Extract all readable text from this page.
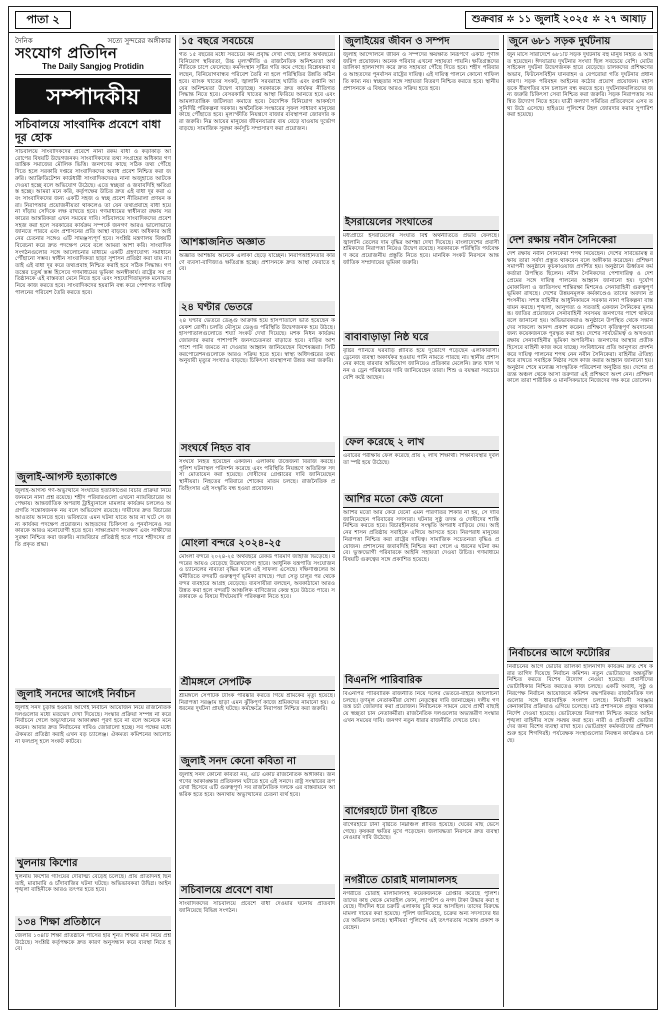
পাতা ২	শুক্রবার ✲ ১১ জুলাই ২০২৫ ✲ ২৭ আষাঢ়
দৈনিক	সত্যে সুন্দরের অঙ্গীকার
সংযোগ প্রতিদিন
The Daily Sangjog Protidin
সম্পাদকীয়
সচিবালয়ে সাংবাদিক প্রবেশে বাধা দূর হোক
সচিবালয়ে সাংবাদিকদের প্রবেশে নানা রকম বাধা ও কড়াকড়ি আরোপের বিষয়টি উদ্বেগজনক। সাংবাদিকদের তথ্য সংগ্রহের অধিকার গণতান্ত্রিক সমাজের মৌলিক ভিত্তি। জনগণের কাছে সঠিক তথ্য পৌঁছে দিতে হলে সরকারি দপ্তরে সাংবাদিকদের অবাধ প্রবেশ নিশ্চিত করা জরুরি। অ্যাক্রিডিটেশন কার্ডধারী সাংবাদিকদেরও নানা অজুহাতে আটকে দেওয়া হচ্ছে বলে অভিযোগ উঠেছে। এতে স্বচ্ছতা ও জবাবদিহি ক্ষতিগ্রস্ত হচ্ছে। আমরা মনে করি, কর্তৃপক্ষের উচিত দ্রুত এই বাধা দূর করা এবং সাংবাদিকদের জন্য একটি সহজ ও স্বচ্ছ প্রবেশ নীতিমালা প্রণয়ন করা। নিরাপত্তার প্রয়োজনীয়তা থাকলেও তা যেন তথ্যপ্রবাহে বাধা হয়ে না দাঁড়ায় সেদিকে লক্ষ রাখতে হবে। গণমাধ্যমের স্বাধীনতা রক্ষায় সরকারের আন্তরিকতা এখন সময়ের দাবি। সচিবালয়ে সাংবাদিকদের প্রবেশ সহজ করা হলে সরকারের কার্যক্রম সম্পর্কে জনগণ আরও ভালোভাবে জানতে পারবে এবং প্রশাসনের প্রতি আস্থা বাড়বে। তথ্য অধিকার আইনের চেতনার সঙ্গেও এটি সামঞ্জস্যপূর্ণ হবে। সংশ্লিষ্ট মন্ত্রণালয় বিষয়টি বিবেচনা করে দ্রুত পদক্ষেপ নেবে বলে আমরা আশা করি। সাংবাদিক সংগঠনগুলোর সঙ্গে আলোচনার মাধ্যমে একটি গ্রহণযোগ্য সমাধানে পৌঁছানো সম্ভব। স্বাধীন সাংবাদিকতা ছাড়া সুশাসন প্রতিষ্ঠা করা যায় না। তাই এই বাধা দূর করে তথ্যপ্রবাহ নিশ্চিত করাই হবে সঠিক সিদ্ধান্ত। গণতন্ত্রের চতুর্থ স্তম্ভ হিসেবে গণমাধ্যমের ভূমিকা অনস্বীকার্য। রাষ্ট্রের সব প্রতিষ্ঠানকে এই বাস্তবতা মেনে নিতে হবে এবং সহযোগিতামূলক মনোভাব নিয়ে কাজ করতে হবে। সাংবাদিকদের হয়রানি বন্ধ করে পেশাগত দায়িত্ব পালনের পরিবেশ তৈরি করতে হবে।
জুলাই-আগস্ট হত্যাকাণ্ডে
জুলাই-আগস্ট গণ-অভ্যুত্থানে সংঘটিত হত্যাকাণ্ডের বিচার প্রক্রিয়া নিয়ে জনমনে নানা প্রশ্ন রয়েছে। শহীদ পরিবারগুলো এখনো ন্যায়বিচারের অপেক্ষায়। আন্তর্জাতিক অপরাধ ট্রাইব্যুনালে মামলার কার্যক্রম চললেও অগ্রগতি সন্তোষজনক নয় বলে অভিযোগ রয়েছে। দায়ীদের দ্রুত বিচারের আওতায় আনতে হবে। ভবিষ্যতে এমন ঘটনা যাতে আর না ঘটে সে জন্য কার্যকর পদক্ষেপ প্রয়োজন। আহতদের চিকিৎসা ও পুনর্বাসনেও সরকারকে আরও মনোযোগী হতে হবে। সাক্ষ্যপ্রমাণ সংরক্ষণ এবং সাক্ষীদের সুরক্ষা নিশ্চিত করা জরুরি। ন্যায়বিচার প্রতিষ্ঠাই হতে পারে শহীদদের প্রতি প্রকৃত শ্রদ্ধা।
জুলাই সনদের আগেই নির্বাচন
জুলাই সনদ চূড়ান্ত হওয়ার আগেই নির্বাচন আয়োজন নিয়ে রাজনৈতিক দলগুলোর মধ্যে মতভেদ দেখা দিয়েছে। সংস্কার প্রক্রিয়া সম্পন্ন না করে নির্বাচনে গেলে অভ্যুত্থানের আকাঙ্ক্ষা পূরণ হবে না বলে অনেকে মনে করেন। আবার দ্রুত নির্বাচনের দাবিও জোরালো হচ্ছে। সব পক্ষের মধ্যে ঐকমত্য প্রতিষ্ঠা করাই এখন বড় চ্যালেঞ্জ। ঐকমত্য কমিশনের আলোচনা ফলপ্রসূ হলে সংকট কাটবে।
খুলনায় কিশোর
খুলনায় কিশোর গ্যাংয়ের দৌরাত্ম্য বেড়েই চলেছে। প্রায় প্রতিদিনই ছিনতাই, মারামারি ও চাঁদাবাজির ঘটনা ঘটছে। অভিভাবকরা উদ্বিগ্ন। আইনশৃঙ্খলা বাহিনীকে আরও তৎপর হতে হবে।
১৩৪ শিক্ষা প্রতিষ্ঠানে
জেলার ১৩৪টি শিক্ষা প্রতিষ্ঠানে পাসের হার শূন্য। শিক্ষার মান নিয়ে প্রশ্ন উঠেছে। সংশ্লিষ্ট কর্তৃপক্ষকে দ্রুত কারণ অনুসন্ধান করে ব্যবস্থা নিতে হবে।
১৫ বছরে সবচেয়ে
গত ১৫ বছরের মধ্যে সবচেয়ে কম প্রবৃদ্ধি দেখা গেছে চলতি অর্থবছরে। বিনিয়োগ স্থবিরতা, উচ্চ মূল্যস্ফীতি ও রাজনৈতিক অনিশ্চয়তা অর্থনীতিকে চাপে ফেলেছে। কর্মসংস্থান সৃষ্টির গতি কমে গেছে। বিশ্লেষকরা বলছেন, বিনিয়োগবান্ধব পরিবেশ তৈরি না হলে পরিস্থিতির উন্নতি কঠিন হবে। ব্যাংক খাতের সংকট, জ্বালানি সরবরাহে ঘাটতি এবং রপ্তানি আয়ের অনিশ্চয়তা উদ্বেগ বাড়াচ্ছে। সরকারকে দ্রুত কার্যকর নীতিগত সিদ্ধান্ত নিতে হবে। বেসরকারি খাতের আস্থা ফিরিয়ে আনতে হবে এবং আমলাতান্ত্রিক জটিলতা কমাতে হবে। বৈদেশিক বিনিয়োগ আকর্ষণে সুনির্দিষ্ট পরিকল্পনা দরকার। অর্থনৈতিক সংস্কারের সুফল সাধারণ মানুষের কাছে পৌঁছাতে হবে। মূল্যস্ফীতি নিয়ন্ত্রণে বাজার ব্যবস্থাপনা জোরদার করা জরুরি। নিম্ন আয়ের মানুষের জীবনযাত্রার ব্যয় বেড়ে যাওয়ায় দুর্ভোগ বাড়ছে। সামাজিক সুরক্ষা কর্মসূচি সম্প্রসারণ করা প্রয়োজন।
আশঙ্কাজনিত অজ্ঞাত
অজ্ঞাত আশঙ্কায় অনেকে এলাকা ছেড়ে যাচ্ছেন। নিরাপত্তাহীনতার কারণে ব্যবসা-বাণিজ্যও ক্ষতিগ্রস্ত হচ্ছে। প্রশাসনকে দ্রুত আস্থা ফেরাতে হবে।
২৪ ঘণ্টার ভেতরে
২৪ ঘণ্টার ভেতরে ডেঙ্গু আক্রান্ত হয়ে হাসপাতালে ভর্তি হয়েছেন কয়েকশ রোগী। চলতি মৌসুমে ডেঙ্গু পরিস্থিতি উদ্বেগজনক হয়ে উঠছে। হাসপাতালগুলোতে শয্যা সংকট দেখা দিয়েছে। মশক নিধন কার্যক্রম জোরদার করার পাশাপাশি জনসচেতনতা বাড়াতে হবে। বাড়ির আশপাশে পানি জমতে না দেওয়ার আহ্বান জানিয়েছেন বিশেষজ্ঞরা। সিটি করপোরেশনগুলোকে আরও সক্রিয় হতে হবে। স্বাস্থ্য অধিদপ্তরের তথ্য অনুযায়ী মৃত্যুর সংখ্যাও বাড়ছে। চিকিৎসা ব্যবস্থাপনা উন্নত করা জরুরি।
সংঘর্ষে নিহত বাব
সংঘর্ষে নিহত হয়েছেন একজন। এলাকায় উত্তেজনা বিরাজ করছে। পুলিশ ঘটনাস্থল পরিদর্শন করেছে এবং পরিস্থিতি নিয়ন্ত্রণে অতিরিক্ত সদস্য মোতায়েন করা হয়েছে। দোষীদের গ্রেপ্তারের দাবি জানিয়েছেন স্থানীয়রা। নিহতের পরিবারে শোকের মাতম চলছে। রাজনৈতিক প্রতিহিংসার এই সংস্কৃতি বন্ধ হওয়া প্রয়োজন।
মোংলা বন্দরে ২০২৪-২৫
মোংলা বন্দরে ২০২৪-২৫ অর্থবছরে রেকর্ড পরিমাণ জাহাজ ভিড়েছে। বন্দরের আয়ও বেড়েছে উল্লেখযোগ্য হারে। আধুনিক যন্ত্রপাতি সংযোজন ও চ্যানেলের নাব্যতা বৃদ্ধির ফলে এই সাফল্য এসেছে। দক্ষিণাঞ্চলের অর্থনীতিতে বন্দরটি গুরুত্বপূর্ণ ভূমিকা রাখছে। পদ্মা সেতু চালুর পর থেকে বন্দর ব্যবহারে আগ্রহ বেড়েছে। ব্যবসায়ীরা বলছেন, অবকাঠামো আরও উন্নত করা হলে বন্দরটি আঞ্চলিক বাণিজ্যের কেন্দ্র হয়ে উঠতে পারে। সরকারকে এ বিষয়ে দীর্ঘমেয়াদি পরিকল্পনা নিতে হবে।
শ্রীমঙ্গলে সেপটিক
শ্রীমঙ্গলে সেপটিক ট্যাংক পরিষ্কার করতে গিয়ে শ্রমিকের মৃত্যু হয়েছে। নিরাপত্তা সরঞ্জাম ছাড়া এমন ঝুঁকিপূর্ণ কাজে শ্রমিকদের নামানো হয়। এ ধরনের দুর্ঘটনা প্রায়ই ঘটছে। কর্মক্ষেত্রে নিরাপত্তা নিশ্চিত করা জরুরি।
জুলাই সনদ কেনো কবিতা না
জুলাই সনদ কোনো কবিতা নয়, এটি একটি রাজনৈতিক অঙ্গীকার। জনগণের আকাঙ্ক্ষার প্রতিফলন ঘটাতে হবে এই সনদে। রাষ্ট্র সংস্কারের রূপরেখা হিসেবে এটি গুরুত্বপূর্ণ। সব রাজনৈতিক দলকে এর বাস্তবায়নে আন্তরিক হতে হবে। অন্যথায় অভ্যুত্থানের চেতনা ব্যর্থ হবে।
সচিবালয়ে প্রবেশে বাধা
সাংবাদিকদের সচিবালয়ে প্রবেশে বাধা দেওয়ার ঘটনায় প্রতিবাদ জানিয়েছে বিভিন্ন সংগঠন।
জুলাইয়ের জীবন ও সম্পদ
জুলাই আন্দোলনে জীবন ও সম্পদের ক্ষয়ক্ষতি নিরূপণে একটি পূর্ণাঙ্গ জরিপ প্রয়োজন। অনেক পরিবার এখনো সহায়তা পায়নি। ক্ষতিগ্রস্তদের তালিকা হালনাগাদ করে দ্রুত সহায়তা পৌঁছে দিতে হবে। শহীদ পরিবার ও আহতদের পুনর্বাসন রাষ্ট্রের দায়িত্ব। এই দায়িত্ব পালনে কোনো গাফিলতি কাম্য নয়। স্বচ্ছতার সঙ্গে সহায়তা বিতরণ নিশ্চিত করতে হবে। স্থানীয় প্রশাসনকে এ বিষয়ে আরও সক্রিয় হতে হবে।
ইসরায়েলের সংঘাতের
মধ্যপ্রাচ্যে ইসরায়েলের সংঘাত বিশ্ব অর্থনীতিতে প্রভাব ফেলছে। জ্বালানি তেলের দাম বৃদ্ধির আশঙ্কা দেখা দিয়েছে। বাংলাদেশের প্রবাসী শ্রমিকদের নিরাপত্তা নিয়েও উদ্বেগ রয়েছে। সরকারকে পরিস্থিতি পর্যবেক্ষণ করে প্রয়োজনীয় প্রস্তুতি নিতে হবে। মানবিক সংকট নিরসনে আন্তর্জাতিক সম্প্রদায়ের ভূমিকা জরুরি।
বাবাবাড়াড়া নিষ্ঠ ঘরে
বৃষ্টির পানিতে ঘরবাড়ি প্লাবিত হয়ে দুর্ভোগে পড়েছেন এলাকাবাসী। ড্রেনেজ ব্যবস্থা অকার্যকর হওয়ায় পানি নামতে পারছে না। স্থানীয় প্রশাসনের কাছে বারবার অভিযোগ জানিয়েও প্রতিকার মেলেনি। দ্রুত খাল খনন ও ড্রেন পরিষ্কারের দাবি জানিয়েছেন তারা। শিশু ও বয়স্করা সবচেয়ে বেশি কষ্টে আছেন।
ফেল করেছে ২ লাখ
এবারের পরীক্ষায় ফেল করেছে প্রায় ২ লাখ শিক্ষার্থী। শিক্ষাব্যবস্থার দুর্বলতা স্পষ্ট হয়ে উঠেছে।
আশির মতো কেউ যেনো
আশির মতো আর কেউ যেনো এমন পরিণতির শিকার না হয়, সে দাবি জানিয়েছেন পরিবারের সদস্যরা। ঘটনার সুষ্ঠু তদন্ত ও দোষীদের শাস্তি নিশ্চিত করতে হবে। বিচারহীনতার সংস্কৃতি অপরাধ বাড়িয়ে দেয়। আইনের শাসন প্রতিষ্ঠায় সবাইকে এগিয়ে আসতে হবে। নিরপরাধ মানুষের নিরাপত্তা নিশ্চিত করা রাষ্ট্রের দায়িত্ব। সামাজিক সচেতনতা বৃদ্ধিও প্রয়োজন। প্রশাসনের জবাবদিহি নিশ্চিত করা গেলে এ ধরনের ঘটনা কমবে। ভুক্তভোগী পরিবারকে আইনি সহায়তা দেওয়া উচিত। গণমাধ্যমে বিষয়টি গুরুত্বের সঙ্গে প্রকাশিত হয়েছে।
বিএনপি পারিবারিক
বিএনপির পারিবারিক রাজনীতি নিয়ে দলের ভেতরে-বাইরে আলোচনা চলছে। তৃণমূল নেতাকর্মীরা যোগ্য নেতৃত্বের দাবি জানাচ্ছেন। দলীয় গণতন্ত্র চর্চা জোরদার করা প্রয়োজন। নির্বাচনকে সামনে রেখে প্রার্থী বাছাইয়ে স্বচ্ছতা চান নেতাকর্মীরা। রাজনৈতিক দলগুলোর অভ্যন্তরীণ সংস্কার এখন সময়ের দাবি। জনগণ নতুন ধারার রাজনীতি দেখতে চায়।
বাগেরহাটে টানা বৃষ্টিতে
বাগেরহাটে টানা বৃষ্টিতে নিম্নাঞ্চল প্লাবিত হয়েছে। ঘেরের মাছ ভেসে গেছে। কৃষকরা ক্ষতির মুখে পড়েছেন। জলাবদ্ধতা নিরসনে দ্রুত ব্যবস্থা নেওয়ার দাবি উঠেছে।
নগরীতে চোরাই মালামালসহ
নগরীতে চোরাই মালামালসহ কয়েকজনকে গ্রেপ্তার করেছে পুলিশ। তাদের কাছ থেকে মোবাইল ফোন, ল্যাপটপ ও নগদ টাকা উদ্ধার করা হয়েছে। দীর্ঘদিন ধরে চক্রটি এলাকায় চুরি করে আসছিল। তাদের বিরুদ্ধে মামলা দায়ের করা হয়েছে। পুলিশ জানিয়েছে, চক্রের অন্য সদস্যদের ধরতে অভিযান চলছে। স্থানীয়রা পুলিশের এই তৎপরতায় সন্তোষ প্রকাশ করেছেন।
জুনে ৬৮১ সড়ক দুর্ঘটনায়
জুন মাসে সারাদেশে ৬৮১টি সড়ক দুর্ঘটনায় বহু মানুষ নিহত ও আহত হয়েছেন। ঈদযাত্রায় দুর্ঘটনার সংখ্যা ছিল সবচেয়ে বেশি। মোটরসাইকেল দুর্ঘটনা উদ্বেগজনক হারে বেড়েছে। চালকদের প্রশিক্ষণের অভাব, ফিটনেসবিহীন যানবাহন ও বেপরোয়া গতি দুর্ঘটনার প্রধান কারণ। সড়ক পরিবহন আইনের কঠোর প্রয়োগ প্রয়োজন। মহাসড়কে ধীরগতির যান চলাচল বন্ধ করতে হবে। দুর্ঘটনাকবলিতদের জন্য জরুরি চিকিৎসা সেবা নিশ্চিত করা জরুরি। সড়ক নিরাপত্তায় সমন্বিত উদ্যোগ নিতে হবে। যাত্রী কল্যাণ সমিতির প্রতিবেদনে এসব তথ্য উঠে এসেছে। হাইওয়ে পুলিশের টহল জোরদার করার সুপারিশ করা হয়েছে।
দেশ রক্ষায় নবীন সৈনিকেরা
দেশ রক্ষায় নবীন সৈনিকেরা শপথ নিয়েছেন। দেশের সার্বভৌমত্ব রক্ষায় তারা সর্বদা প্রস্তুত থাকবেন বলে অঙ্গীকার করেছেন। প্রশিক্ষণ সমাপনী অনুষ্ঠানে কুচকাওয়াজ প্রদর্শিত হয়। অনুষ্ঠানে ঊর্ধ্বতন কর্মকর্তারা উপস্থিত ছিলেন। নবীন সৈনিকদের পেশাদারিত্ব ও দেশপ্রেমের সঙ্গে দায়িত্ব পালনের আহ্বান জানানো হয়। দুর্যোগ মোকাবিলা ও জাতিসংঘ শান্তিরক্ষা মিশনেও সেনাবাহিনী গুরুত্বপূর্ণ ভূমিকা রাখছে। দেশের উন্নয়নমূলক কর্মকাণ্ডেও তাদের অবদান প্রশংসনীয়। সশস্ত্র বাহিনীর আধুনিকায়নে সরকার নানা পরিকল্পনা বাস্তবায়ন করছে। শৃঙ্খলা, আনুগত্য ও সততাই একজন সৈনিকের মূলমন্ত্র। জাতির প্রয়োজনে সেনাবাহিনী সবসময় জনগণের পাশে থাকবে বলে জানানো হয়। অভিভাবকরাও অনুষ্ঠানে উপস্থিত থেকে সন্তানদের সাফল্যে আনন্দ প্রকাশ করেন। প্রশিক্ষণে কৃতিত্বপূর্ণ অবদানের জন্য কয়েকজনকে পুরস্কৃত করা হয়। দেশের সার্বভৌমত্ব ও অখণ্ডতা রক্ষায় সেনাবাহিনীর ভূমিকা অপরিসীম। জনগণের আস্থার প্রতীক হিসেবে বাহিনী কাজ করে যাচ্ছে। সংবিধানের প্রতি আনুগত্য প্রদর্শন করে দায়িত্ব পালনের শপথ নেন নবীন সৈনিকেরা। বাহিনীর ঐতিহ্য ধরে রাখতে সবাইকে নিষ্ঠার সঙ্গে কাজ করার আহ্বান জানানো হয়। অনুষ্ঠান শেষে মনোজ্ঞ সাংস্কৃতিক পরিবেশনা অনুষ্ঠিত হয়। দেশের প্রত্যন্ত অঞ্চল থেকে আসা তরুণরা এই প্রশিক্ষণে অংশ নেন। প্রশিক্ষণকালে তারা শারীরিক ও মানসিকভাবে নিজেদের দক্ষ করে তোলেন।
নির্বাচনের আগে ফটোরির
নির্বাচনের আগে ভোটার তালিকা হালনাগাদ কার্যক্রম দ্রুত শেষ করার তাগিদ দিয়েছে নির্বাচন কমিশন। নতুন ভোটারদের অন্তর্ভুক্তি নিশ্চিত করতে বিশেষ উদ্যোগ নেওয়া হয়েছে। প্রবাসীদের ভোটাধিকার নিশ্চিত করতেও কাজ চলছে। একটি অবাধ, সুষ্ঠু ও নিরপেক্ষ নির্বাচন আয়োজনে কমিশন বদ্ধপরিকর। রাজনৈতিক দলগুলোর সঙ্গে ধারাবাহিক সংলাপ চলছে। নির্বাচনী সরঞ্জাম কেনাকাটার প্রক্রিয়াও এগিয়ে চলেছে। মাঠ প্রশাসনকে প্রস্তুত থাকার নির্দেশ দেওয়া হয়েছে। ভোটকেন্দ্রে নিরাপত্তা নিশ্চিত করতে আইনশৃঙ্খলা বাহিনীর সঙ্গে সমন্বয় করা হবে। নারী ও প্রতিবন্ধী ভোটারদের জন্য বিশেষ ব্যবস্থা রাখা হবে। ভোটগ্রহণ কর্মকর্তাদের প্রশিক্ষণ শুরু হবে শিগগিরই। পর্যবেক্ষক সংস্থাগুলোর নিবন্ধন কার্যক্রমও চলছে।
